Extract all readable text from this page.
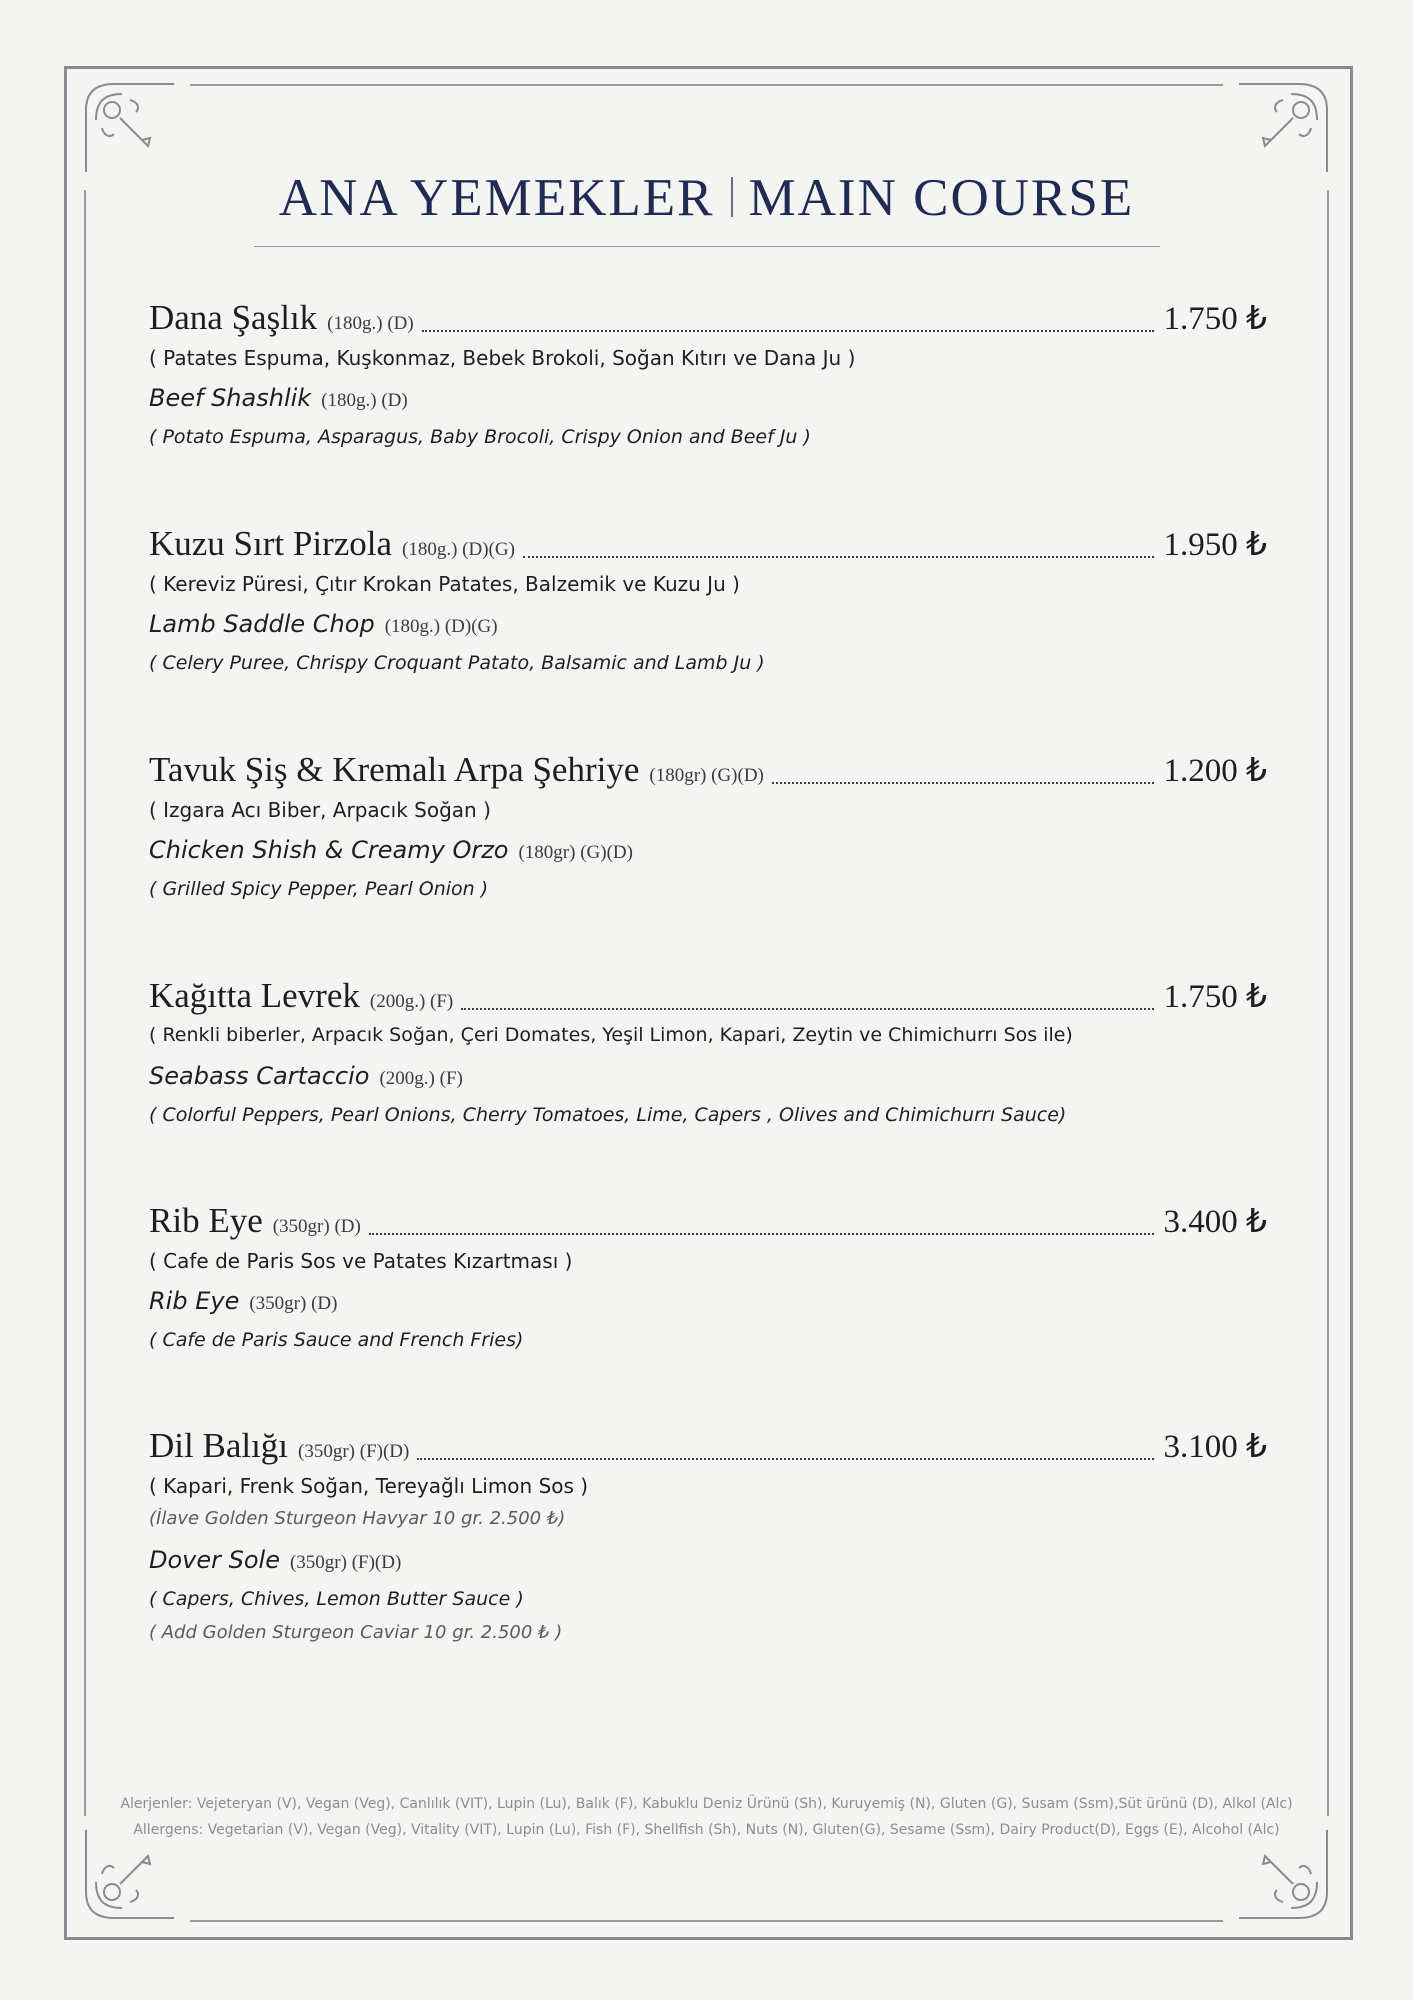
ANA YEMEKLER MAIN COURSE
Dana Şaşlık (180g.) (D)	1.750 ₺
( Patates Espuma, Kuşkonmaz, Bebek Brokoli, Soğan Kıtırı ve Dana Ju )
Beef Shashlik (180g.) (D)
( Potato Espuma, Asparagus, Baby Brocoli, Crispy Onion and Beef Ju )
Kuzu Sırt Pirzola (180g.) (D)(G)	1.950 ₺
( Kereviz Püresi, Çıtır Krokan Patates, Balzemik ve Kuzu Ju )
Lamb Saddle Chop (180g.) (D)(G)
( Celery Puree, Chrispy Croquant Patato, Balsamic and Lamb Ju )
Tavuk Şiş & Kremalı Arpa Şehriye (180gr) (G)(D)	1.200 ₺
( Izgara Acı Biber, Arpacık Soğan )
Chicken Shish & Creamy Orzo (180gr) (G)(D)
( Grilled Spicy Pepper, Pearl Onion )
Kağıtta Levrek (200g.) (F)	1.750 ₺
( Renkli biberler, Arpacık Soğan, Çeri Domates, Yeşil Limon, Kapari, Zeytin ve Chimichurrı Sos ile)
Seabass Cartaccio (200g.) (F)
( Colorful Peppers, Pearl Onions, Cherry Tomatoes, Lime, Capers , Olives and Chimichurrı Sauce)
Rib Eye (350gr) (D)	3.400 ₺
( Cafe de Paris Sos ve Patates Kızartması )
Rib Eye (350gr) (D)
( Cafe de Paris Sauce and French Fries)
Dil Balığı (350gr) (F)(D)	3.100 ₺
( Kapari, Frenk Soğan, Tereyağlı Limon Sos )
(İlave Golden Sturgeon Havyar 10 gr. 2.500 ₺)
Dover Sole (350gr) (F)(D)
( Capers, Chives, Lemon Butter Sauce )
( Add Golden Sturgeon Caviar 10 gr. 2.500 ₺ )
Alerjenler: Vejeteryan (V), Vegan (Veg), Canlılık (VIT), Lupin (Lu), Balık (F), Kabuklu Deniz Ürünü (Sh), Kuruyemiş (N), Gluten (G), Susam (Ssm),Süt ürünü (D), Alkol (Alc)
Allergens: Vegetarian (V), Vegan (Veg), Vitality (VIT), Lupin (Lu), Fish (F), Shellfish (Sh), Nuts (N), Gluten(G), Sesame (Ssm), Dairy Product(D), Eggs (E), Alcohol (Alc)
